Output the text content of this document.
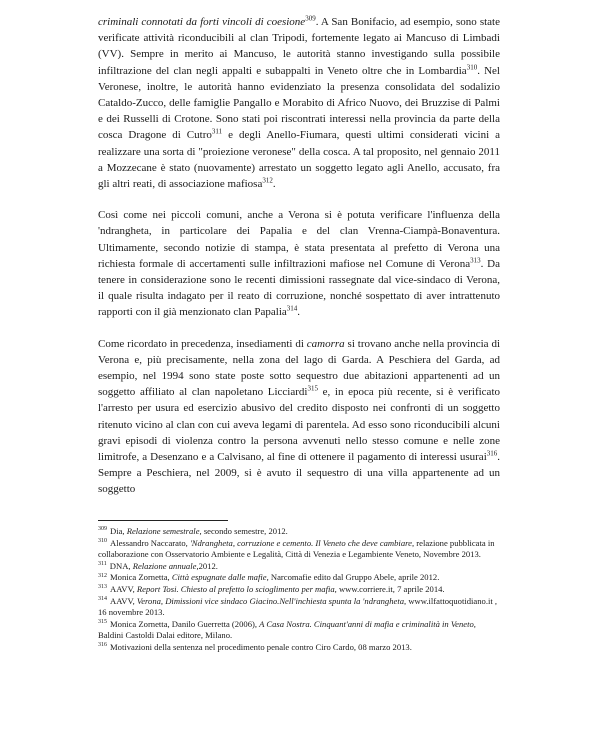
criminali connotati da forti vincoli di coesione$^{309}$. A San Bonifacio, ad esempio, sono state verificate attività riconducibili al clan Tripodi, fortemente legato ai Mancuso di Limbadi (VV). Sempre in merito ai Mancuso, le autorità stanno investigando sulla possibile infiltrazione del clan negli appalti e subappalti in Veneto oltre che in Lombardia$^{310}$. Nel Veronese, inoltre, le autorità hanno evidenziato la presenza consolidata del sodalizio Cataldo-Zucco, delle famiglie Pangallo e Morabito di Africo Nuovo, dei Bruzzise di Palmi e dei Russelli di Crotone. Sono stati poi riscontrati interessi nella provincia da parte della cosca Dragone di Cutro$^{311}$ e degli Anello-Fiumara, questi ultimi considerati vicini a realizzare una sorta di "proiezione veronese" della cosca. A tal proposito, nel gennaio 2011 a Mozzecane è stato (nuovamente) arrestato un soggetto legato agli Anello, accusato, fra gli altri reati, di associazione mafiosa$^{312}$.

Così come nei piccoli comuni, anche a Verona si è potuta verificare l'influenza della 'ndrangheta, in particolare dei Papalia e del clan Vrenna-Ciampà-Bonaventura. Ultimamente, secondo notizie di stampa, è stata presentata al prefetto di Verona una richiesta formale di accertamenti sulle infiltrazioni mafiose nel Comune di Verona$^{313}$. Da tenere in considerazione sono le recenti dimissioni rassegnate dal vice-sindaco di Verona, il quale risulta indagato per il reato di corruzione, nonché sospettato di aver intrattenuto rapporti con il già menzionato clan Papalia$^{314}$.

Come ricordato in precedenza, insediamenti di camorra si trovano anche nella provincia di Verona e, più precisamente, nella zona del lago di Garda. A Peschiera del Garda, ad esempio, nel 1994 sono state poste sotto sequestro due abitazioni appartenenti ad un soggetto affiliato al clan napoletano Licciardi$^{315}$ e, in epoca più recente, si è verificato l'arresto per usura ed esercizio abusivo del credito disposto nei confronti di un soggetto ritenuto vicino al clan con cui aveva legami di parentela. Ad esso sono riconducibili alcuni gravi episodi di violenza contro la persona avvenuti nello stesso comune e nelle zone limitrofe, a Desenzano e a Calvisano, al fine di ottenere il pagamento di interessi usurai$^{316}$. Sempre a Peschiera, nel 2009, si è avuto il sequestro di una villa appartenente ad un soggetto

$^{309}$ Dia, Relazione semestrale, secondo semestre, 2012.

$^{310}$ Alessandro Naccarato, 'Ndrangheta, corruzione e cemento. Il Veneto che deve cambiare, relazione pubblicata in collaborazione con Osservatorio Ambiente e Legalità, Città di Venezia e Legambiente Veneto, Novembre 2013.

$^{311}$ DNA, Relazione annuale,2012.

$^{312}$ Monica Zornetta, Città espugnate dalle mafie, Narcomafie edito dal Gruppo Abele, aprile 2012.

$^{313}$ AAVV, Report Tosi. Chiesto al prefetto lo scioglimento per mafia, www.corriere.it, 7 aprile 2014.

$^{314}$ AAVV, Verona, Dimissioni vice sindaco Giacino.Nell'inchiesta spunta la 'ndrangheta, www.ilfattoquotidiano.it , 16 novembre 2013.

$^{315}$ Monica Zornetta, Danilo Guerretta (2006), A Casa Nostra. Cinquant'anni di mafia e criminalità in Veneto, Baldini Castoldi Dalai editore, Milano.

$^{316}$ Motivazioni della sentenza nel procedimento penale contro Ciro Cardo, 08 marzo 2013.
